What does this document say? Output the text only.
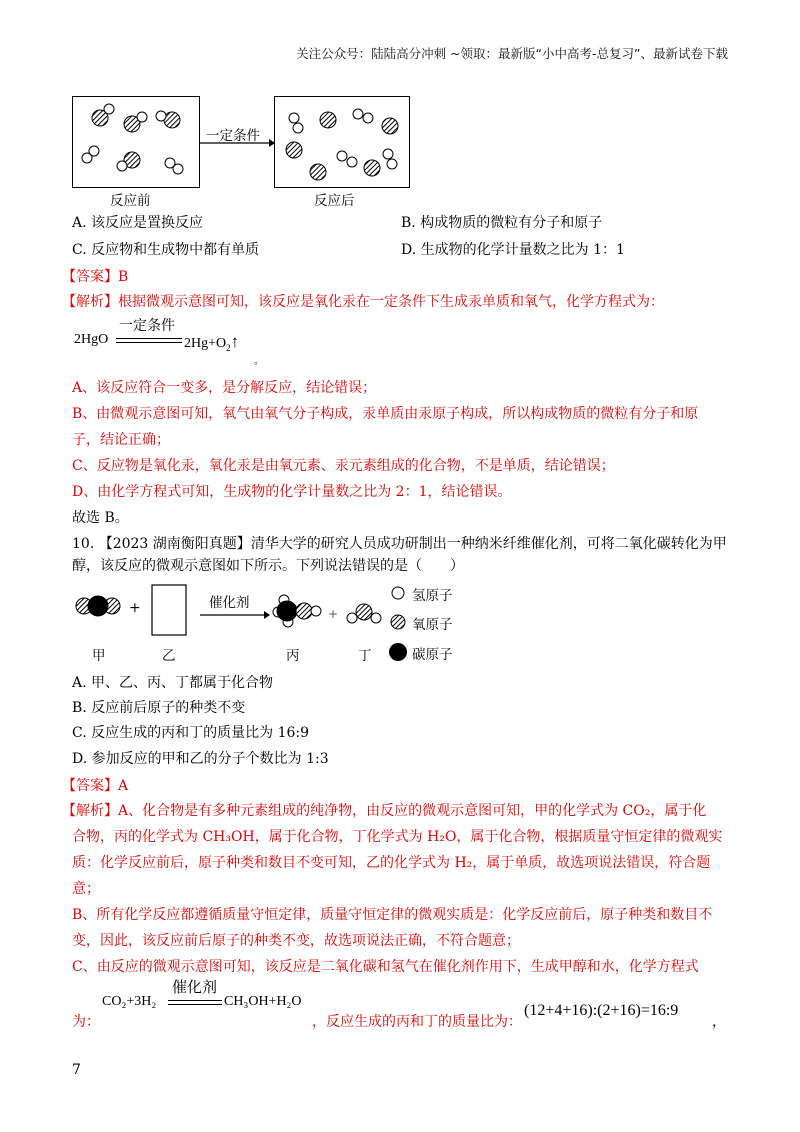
关注公众号：陆陆高分冲刺 ~领取：最新版“小中高考-总复习”、最新试卷下载
一定条件
反应前	反应后
A. 该反应是置换反应	B. 构成物质的微粒有分子和原子
C. 反应物和生成物中都有单质	D. 生成物的化学计量数之比为 1：1
【答案】B
【解析】根据微观示意图可知，该反应是氧化汞在一定条件下生成汞单质和氧气，化学方程式为：
2HgO
一定条件
$2Hg+O_2↑$
。
A、该反应符合一变多，是分解反应，结论错误；
B、由微观示意图可知，氧气由氧气分子构成，汞单质由汞原子构成，所以构成物质的微粒有分子和原
子，结论正确；
C、反应物是氧化汞，氧化汞是由氧元素、汞元素组成的化合物，不是单质，结论错误；
D、由化学方程式可知，生成物的化学计量数之比为 2：1，结论错误。
故选 B。
10. 【2023 湖南衡阳真题】清华大学的研究人员成功研制出一种纳米纤维催化剂，可将二氧化碳转化为甲
醇，该反应的微观示意图如下所示。下列说法错误的是（　　）
+	+
催化剂
甲	乙	丙	丁
氢原子
氧原子
碳原子
A. 甲、乙、丙、丁都属于化合物
B. 反应前后原子的种类不变
C. 反应生成的丙和丁的质量比为 16:9
D. 参加反应的甲和乙的分子个数比为 1:3
【答案】A
【解析】A、化合物是有多种元素组成的纯净物，由反应的微观示意图可知，甲的化学式为 CO₂，属于化
合物，丙的化学式为 CH₃OH，属于化合物，丁化学式为 H₂O，属于化合物，根据质量守恒定律的微观实
质：化学反应前后，原子种类和数目不变可知，乙的化学式为 H₂，属于单质，故选项说法错误，符合题
意；
B、所有化学反应都遵循质量守恒定律，质量守恒定律的微观实质是：化学反应前后，原子种类和数目不
变，因此，该反应前后原子的种类不变，故选项说法正确，不符合题意；
C、由反应的微观示意图可知，该反应是二氧化碳和氢气在催化剂作用下，生成甲醇和水，化学方程式
为：
CO₂+3H₂
催化剂
CH₃OH+H₂O
，反应生成的丙和丁的质量比为：
(12+4+16):(2+16)=16:9
，
7
